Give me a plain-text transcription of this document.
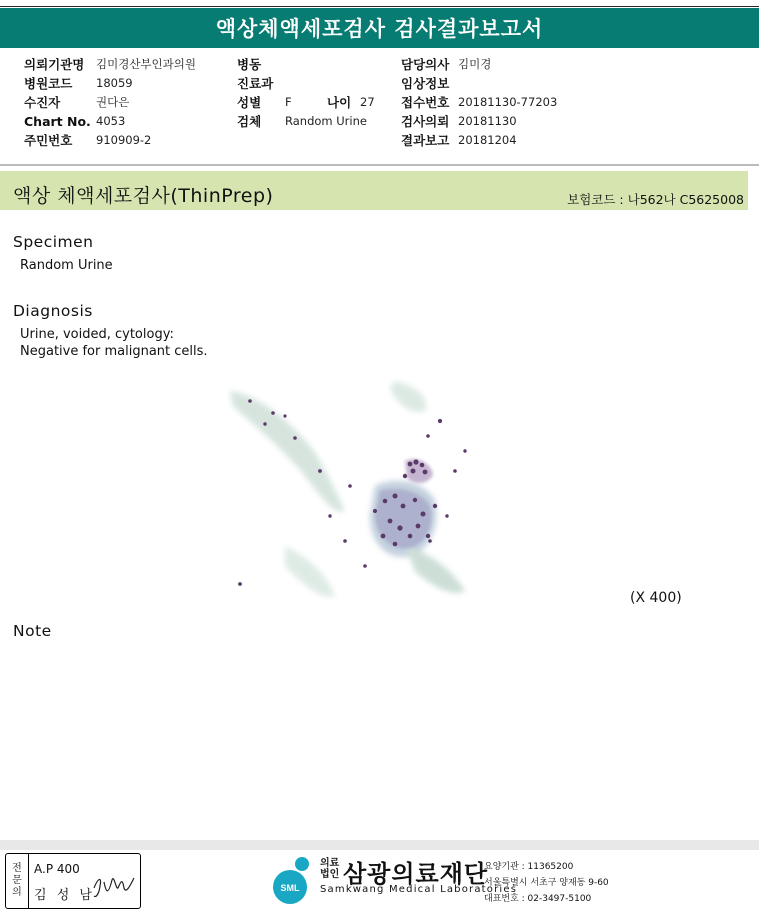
액상체액세포검사 검사결과보고서
의뢰기관명	김미경산부인과의원
병원코드	18059
수진자	권다은
Chart No. 4053
주민번호	910909-2
병동
진료과
성별	F	나이 27
검체	Random Urine
담당의사 김미경
임상정보
접수번호 20181130-77203
검사의뢰 20181130
결과보고 20181204
액상 체액세포검사(ThinPrep)	보험코드 : 나562나 C5625008
Specimen
Random Urine
Diagnosis
Urine, voided, cytology:
Negative for malignant cells.
(X 400)
Note
전
문
의
A.P 400
김 성 남	SML
의료
법인 삼광의료재단
Samkwang Medical Laboratories
요양기관 : 11365200
서울특별시 서초구 양재동 9-60
대표번호 : 02-3497-5100
